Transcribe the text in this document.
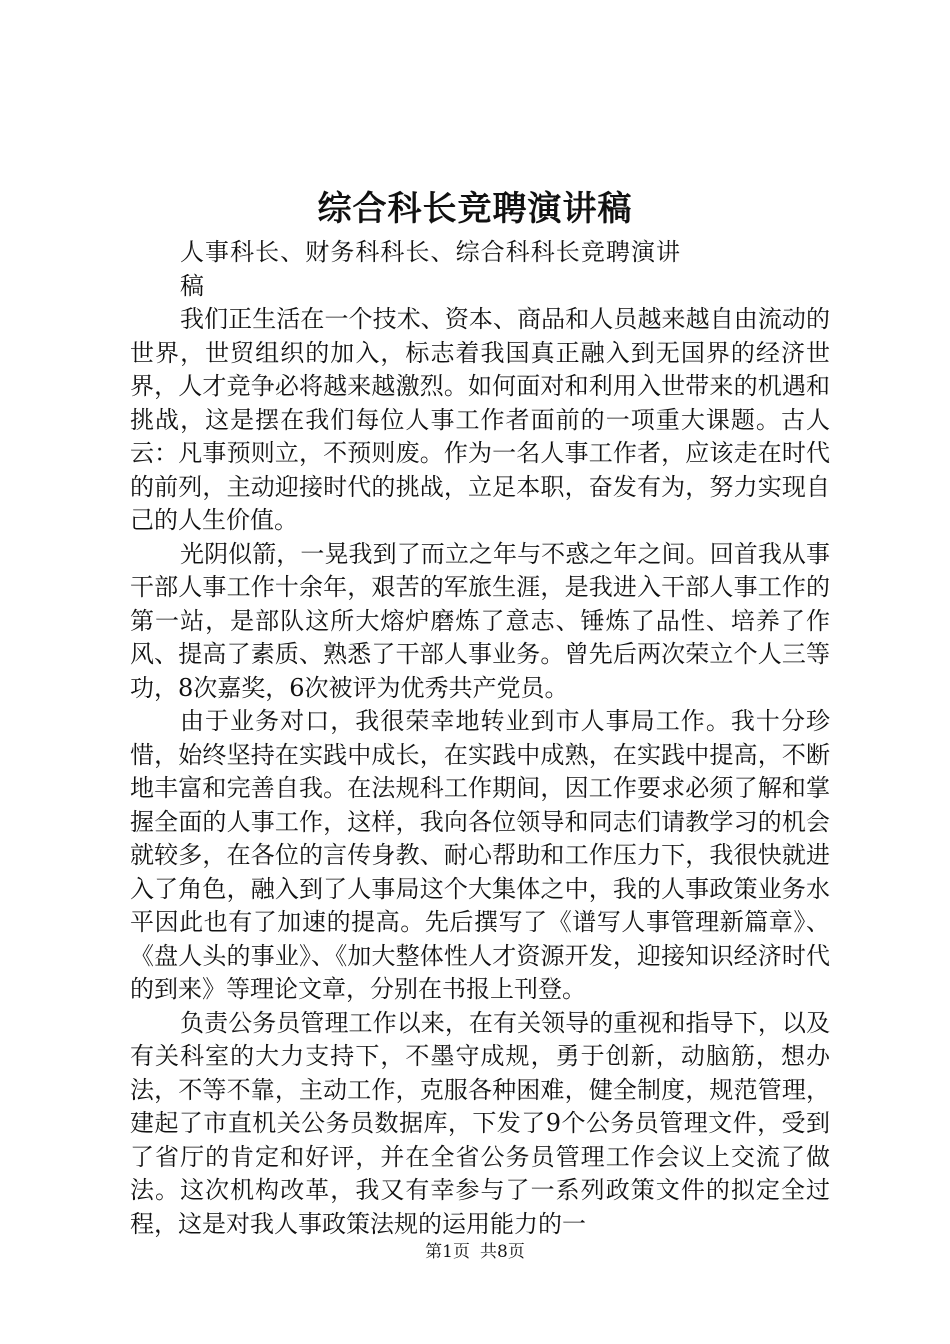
综合科长竞聘演讲稿

人事科长、财务科科长、综合科科长竞聘演讲稿

我们正生活在一个技术、资本、商品和人员越来越自由流动的世界，世贸组织的加入，标志着我国真正融入到无国界的经济世界，人才竞争必将越来越激烈。如何面对和利用入世带来的机遇和挑战，这是摆在我们每位人事工作者面前的一项重大课题。古人云：凡事预则立，不预则废。作为一名人事工作者，应该走在时代的前列，主动迎接时代的挑战，立足本职，奋发有为，努力实现自己的人生价值。

光阴似箭，一晃我到了而立之年与不惑之年之间。回首我从事干部人事工作十余年，艰苦的军旅生涯，是我进入干部人事工作的第一站，是部队这所大熔炉磨炼了意志、锤炼了品性、培养了作风、提高了素质、熟悉了干部人事业务。曾先后两次荣立个人三等功，8次嘉奖，6次被评为优秀共产党员。

由于业务对口，我很荣幸地转业到市人事局工作。我十分珍惜，始终坚持在实践中成长，在实践中成熟，在实践中提高，不断地丰富和完善自我。在法规科工作期间，因工作要求必须了解和掌握全面的人事工作，这样，我向各位领导和同志们请教学习的机会就较多，在各位的言传身教、耐心帮助和工作压力下，我很快就进入了角色，融入到了人事局这个大集体之中，我的人事政策业务水平因此也有了加速的提高。先后撰写了《谱写人事管理新篇章》、《盘人头的事业》、《加大整体性人才资源开发，迎接知识经济时代的到来》等理论文章，分别在书报上刊登。

负责公务员管理工作以来，在有关领导的重视和指导下，以及有关科室的大力支持下，不墨守成规，勇于创新，动脑筋，想办法，不等不靠，主动工作，克服各种困难，健全制度，规范管理，建起了市直机关公务员数据库，下发了9个公务员管理文件，受到了省厅的肯定和好评，并在全省公务员管理工作会议上交流了做法。这次机构改革，我又有幸参与了一系列政策文件的拟定全过程，这是对我人事政策法规的运用能力的一

第1页 共8页
